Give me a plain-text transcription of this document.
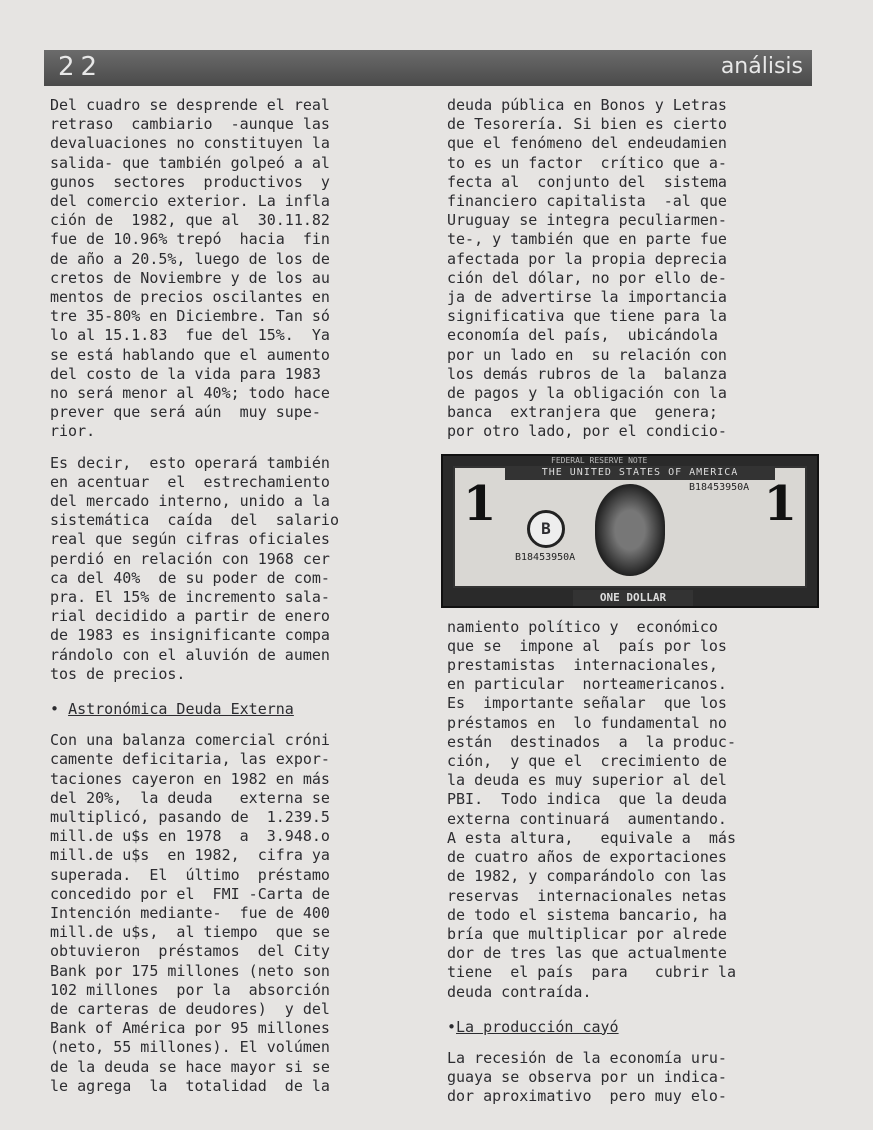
22	análisis
Del cuadro se desprende el real
retraso  cambiario  -aunque las
devaluaciones no constituyen la
salida- que también golpeó a al
gunos  sectores  productivos  y
del comercio exterior. La infla
ción de  1982, que al  30.11.82
fue de 10.96% trepó  hacia  fin
de año a 20.5%, luego de los de
cretos de Noviembre y de los au
mentos de precios oscilantes en
tre 35-80% en Diciembre. Tan só
lo al 15.1.83  fue del 15%.  Ya
se está hablando que el aumento
del costo de la vida para 1983
no será menor al 40%; todo hace
prever que será aún  muy supe-
rior.
Es decir,  esto operará también
en acentuar  el  estrechamiento
del mercado interno, unido a la
sistemática  caída  del  salario
real que según cifras oficiales
perdió en relación con 1968 cer
ca del 40%  de su poder de com-
pra. El 15% de incremento sala-
rial decidido a partir de enero
de 1983 es insignificante compa
rándolo con el aluvión de aumen
tos de precios.
• Astronómica Deuda Externa
Con una balanza comercial cróni
camente deficitaria, las expor-
taciones cayeron en 1982 en más
del 20%,  la deuda   externa se
multiplicó, pasando de  1.239.5
mill.de u$s en 1978  a  3.948.o
mill.de u$s  en 1982,  cifra ya
superada.  El  último  préstamo
concedido por el  FMI -Carta de
Intención mediante-  fue de 400
mill.de u$s,  al tiempo  que se
obtuvieron  préstamos  del City
Bank por 175 millones (neto son
102 millones  por la  absorción
de carteras de deudores)  y del
Bank of América por 95 millones
(neto, 55 millones). El volúmen
de la deuda se hace mayor si se
le agrega  la  totalidad  de la
deuda pública en Bonos y Letras
de Tesorería. Si bien es cierto
que el fenómeno del endeudamien
to es un factor  crítico que a-
fecta al  conjunto del  sistema
financiero capitalista  -al que
Uruguay se integra peculiarmen-
te-, y también que en parte fue
afectada por la propia deprecia
ción del dólar, no por ello de-
ja de advertirse la importancia
significativa que tiene para la
economía del país,  ubicándola
por un lado en  su relación con
los demás rubros de la  balanza
de pagos y la obligación con la
banca  extranjera que  genera;
por otro lado, por el condicio-
THE UNITED STATES OF AMERICA
1	1
B
B18453950A
B18453950A
FEDERAL RESERVE NOTE
ONE DOLLAR
namiento político y  económico
que se  impone al  país por los
prestamistas  internacionales,
en particular  norteamericanos.
Es  importante señalar  que los
préstamos en  lo fundamental no
están  destinados  a  la produc-
ción,  y que el  crecimiento de
la deuda es muy superior al del
PBI.  Todo indica  que la deuda
externa continuará  aumentando.
A esta altura,   equivale a  más
de cuatro años de exportaciones
de 1982, y comparándolo con las
reservas  internacionales netas
de todo el sistema bancario, ha
bría que multiplicar por alrede
dor de tres las que actualmente
tiene  el país  para   cubrir la
deuda contraída.
•La producción cayó
La recesión de la economía uru-
guaya se observa por un indica-
dor aproximativo  pero muy elo-
